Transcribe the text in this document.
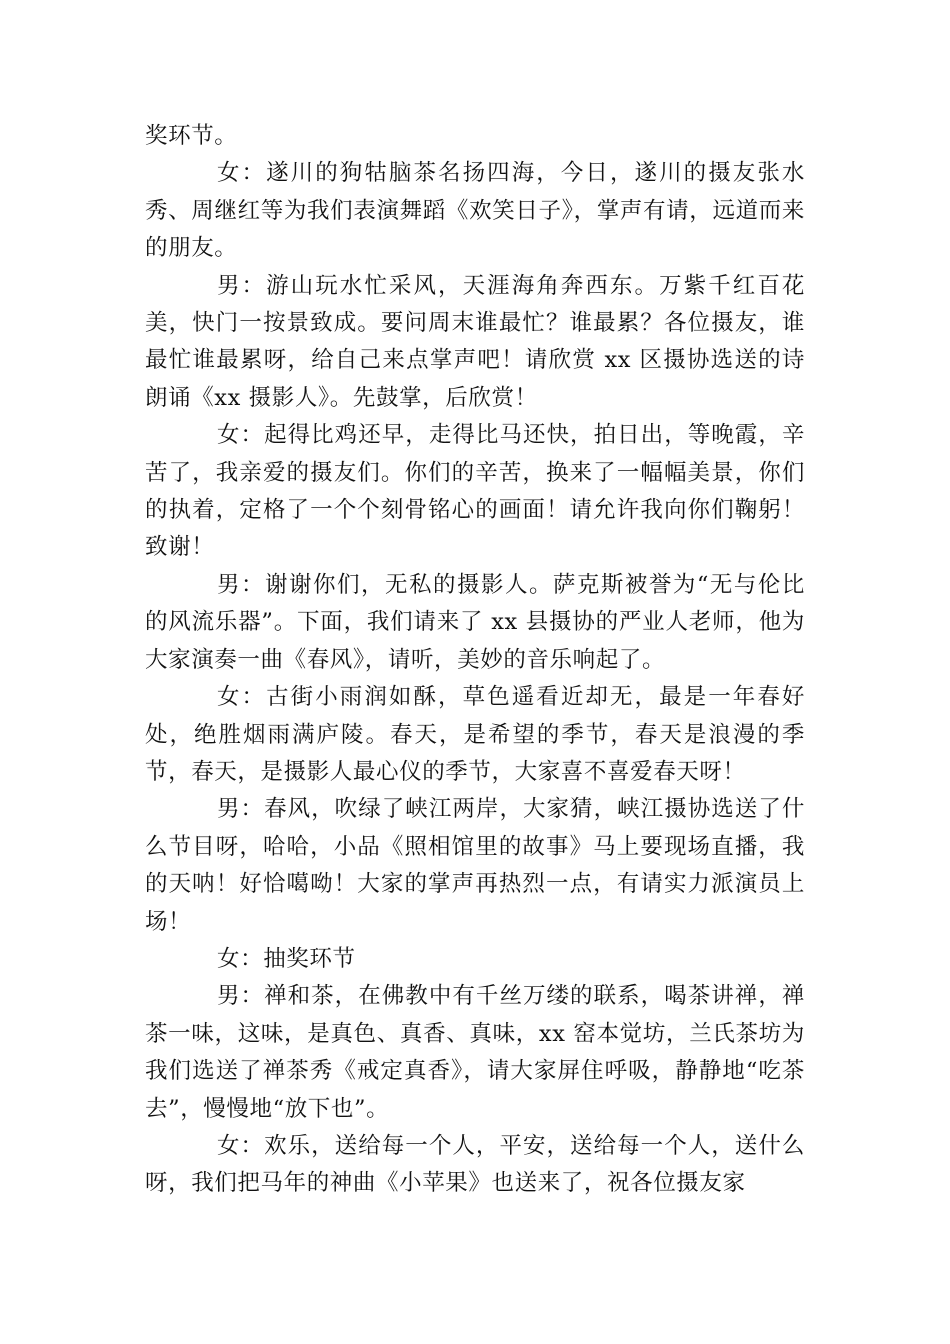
奖环节。

女：遂川的狗牯脑茶名扬四海，今日，遂川的摄友张水秀、周继红等为我们表演舞蹈《欢笑日子》，掌声有请，远道而来的朋友。

男：游山玩水忙采风，天涯海角奔西东。万紫千红百花美，快门一按景致成。要问周末谁最忙？谁最累？各位摄友，谁最忙谁最累呀，给自己来点掌声吧！请欣赏 xx 区摄协选送的诗朗诵《xx 摄影人》。先鼓掌，后欣赏！

女：起得比鸡还早，走得比马还快，拍日出，等晚霞，辛苦了，我亲爱的摄友们。你们的辛苦，换来了一幅幅美景，你们的执着，定格了一个个刻骨铭心的画面！请允许我向你们鞠躬！致谢！

男：谢谢你们，无私的摄影人。萨克斯被誉为“无与伦比的风流乐器”。下面，我们请来了 xx 县摄协的严业人老师，他为大家演奏一曲《春风》，请听，美妙的音乐响起了。

女：古街小雨润如酥，草色遥看近却无，最是一年春好处，绝胜烟雨满庐陵。春天，是希望的季节，春天是浪漫的季节，春天，是摄影人最心仪的季节，大家喜不喜爱春天呀！

男：春风，吹绿了峡江两岸，大家猜，峡江摄协选送了什么节目呀，哈哈，小品《照相馆里的故事》马上要现场直播，我的天呐！好恰噶呦！大家的掌声再热烈一点，有请实力派演员上场！

女：抽奖环节

男：禅和茶，在佛教中有千丝万缕的联系，喝茶讲禅，禅茶一味，这味，是真色、真香、真味，xx 窑本觉坊，兰氏茶坊为我们选送了禅茶秀《戒定真香》，请大家屏住呼吸，静静地“吃茶去”，慢慢地“放下也”。

女：欢乐，送给每一个人，平安，送给每一个人，送什么呀，我们把马年的神曲《小苹果》也送来了，祝各位摄友家
